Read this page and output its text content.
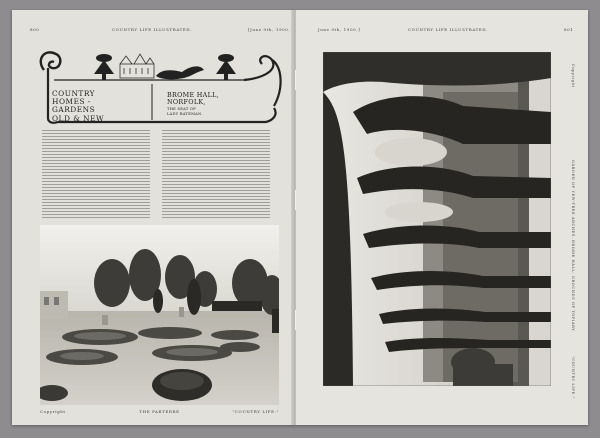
800	COUNTRY LIFE ILLUSTRATED.	[June 9th, 1900.
COUNTRY
HOMES -
GARDENS
OLD & NEW
BROME HALL,
NORFOLK,
THE SEAT OF
LADY BATEMAN.
Copyright	THE PARTERRE	"COUNTRY LIFE."
June 9th, 1900.]	COUNTRY LIFE ILLUSTRATED.	801
GARDEN OF YEW-TREE ARCHES. BROME HALL: GROUNDS OF TOPIARY.
Copyright
"COUNTRY LIFE."
